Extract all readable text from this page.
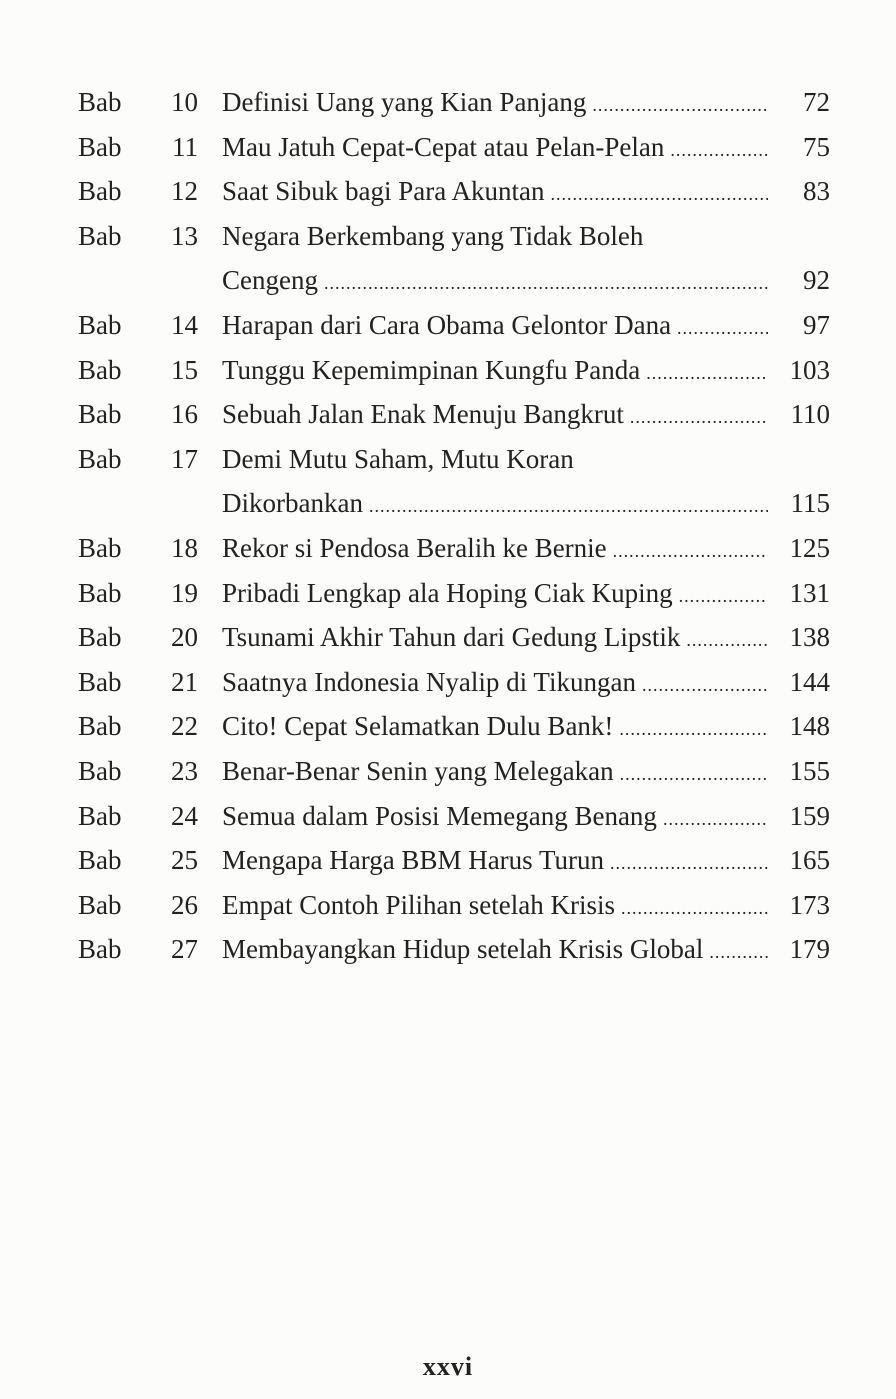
Bab	10 Definisi Uang yang Kian Panjang .....	72
Bab	11 Mau Jatuh Cepat-Cepat atau Pelan-Pelan .....	75
Bab	12 Saat Sibuk bagi Para Akuntan .....	83
Bab	13 Negara Berkembang yang Tidak Boleh
Cengeng .....	92
Bab	14 Harapan dari Cara Obama Gelontor Dana .....	97
Bab	15 Tunggu Kepemimpinan Kungfu Panda .....	103
Bab	16 Sebuah Jalan Enak Menuju Bangkrut .....	110
Bab	17 Demi Mutu Saham, Mutu Koran
Dikorbankan .....	115
Bab	18 Rekor si Pendosa Beralih ke Bernie .....	125
Bab	19 Pribadi Lengkap ala Hoping Ciak Kuping .....	131
Bab	20 Tsunami Akhir Tahun dari Gedung Lipstik .....	138
Bab	21 Saatnya Indonesia Nyalip di Tikungan .....	144
Bab	22 Cito! Cepat Selamatkan Dulu Bank! .....	148
Bab	23 Benar-Benar Senin yang Melegakan .....	155
Bab	24 Semua dalam Posisi Memegang Benang .....	159
Bab	25 Mengapa Harga BBM Harus Turun .....	165
Bab	26 Empat Contoh Pilihan setelah Krisis .....	173
Bab	27 Membayangkan Hidup setelah Krisis Global .....	179
xxvi
